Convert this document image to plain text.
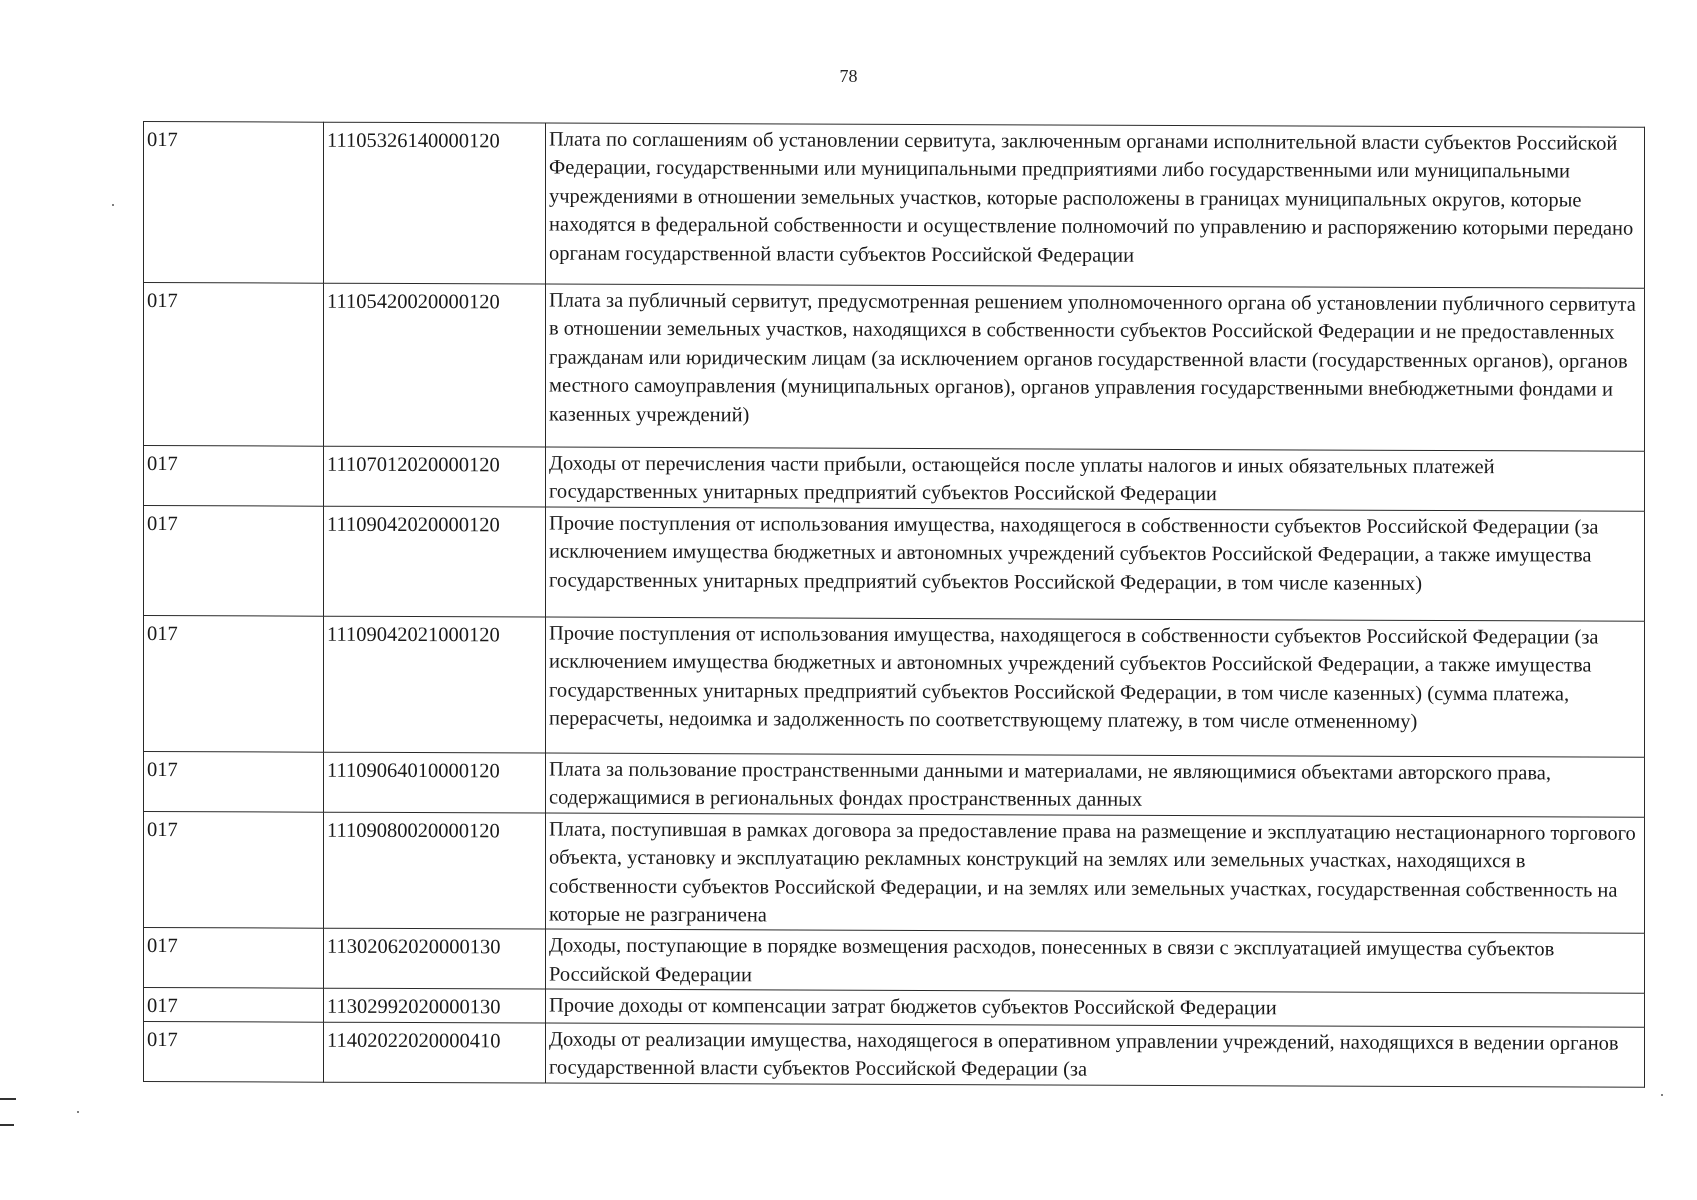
78
017	11105326140000120	Плата по соглашениям об установлении сервитута, заключенным органами исполнительной власти субъектов Российской Федерации, государственными или муниципальными предприятиями либо государственными или муниципальными учреждениями в отношении земельных участков, которые расположены в границах муниципальных округов, которые находятся в федеральной собственности и осуществление полномочий по управлению и распоряжению которыми передано органам государственной власти субъектов Российской Федерации
017	11105420020000120	Плата за публичный сервитут, предусмотренная решением уполномоченного органа об установлении публичного сервитута в отношении земельных участков, находящихся в собственности субъектов Российской Федерации и не предоставленных гражданам или юридическим лицам (за исключением органов государственной власти (государственных органов), органов местного самоуправления (муниципальных органов), органов управления государственными внебюджетными фондами и казенных учреждений)
017	11107012020000120	Доходы от перечисления части прибыли, остающейся после уплаты налогов и иных обязательных платежей государственных унитарных предприятий субъектов Российской Федерации
017	11109042020000120	Прочие поступления от использования имущества, находящегося в собственности субъектов Российской Федерации (за исключением имущества бюджетных и автономных учреждений субъектов Российской Федерации, а также имущества государственных унитарных предприятий субъектов Российской Федерации, в том числе казенных)
017	11109042021000120	Прочие поступления от использования имущества, находящегося в собственности субъектов Российской Федерации (за исключением имущества бюджетных и автономных учреждений субъектов Российской Федерации, а также имущества государственных унитарных предприятий субъектов Российской Федерации, в том числе казенных) (сумма платежа, перерасчеты, недоимка и задолженность по соответствующему платежу, в том числе отмененному)
017	11109064010000120	Плата за пользование пространственными данными и материалами, не являющимися объектами авторского права, содержащимися в региональных фондах пространственных данных
017	11109080020000120	Плата, поступившая в рамках договора за предоставление права на размещение и эксплуатацию нестационарного торгового объекта, установку и эксплуатацию рекламных конструкций на землях или земельных участках, находящихся в собственности субъектов Российской Федерации, и на землях или земельных участках, государственная собственность на которые не разграничена
017	11302062020000130	Доходы, поступающие в порядке возмещения расходов, понесенных в связи с эксплуатацией имущества субъектов Российской Федерации
017	11302992020000130	Прочие доходы от компенсации затрат бюджетов субъектов Российской Федерации
017	11402022020000410	Доходы от реализации имущества, находящегося в оперативном управлении учреждений, находящихся в ведении органов государственной власти субъектов Российской Федерации (за
